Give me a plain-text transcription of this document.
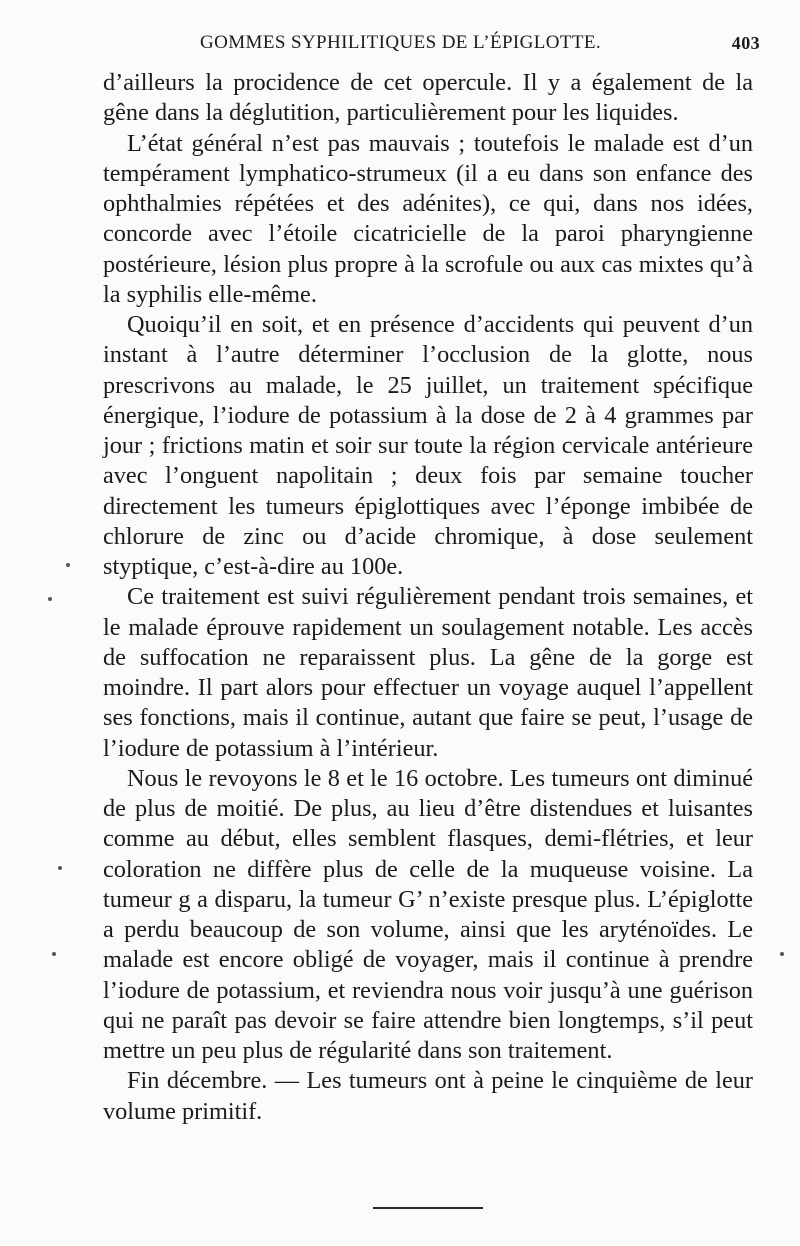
GOMMES SYPHILITIQUES DE L’ÉPIGLOTTE.	403

d’ailleurs la procidence de cet opercule. Il y a également de la gêne dans la déglutition, particulièrement pour les liquides.

L’état général n’est pas mauvais ; toutefois le malade est d’un tempérament lymphatico-strumeux (il a eu dans son enfance des ophthalmies répétées et des adénites), ce qui, dans nos idées, concorde avec l’étoile cicatricielle de la paroi pharyngienne postérieure, lésion plus propre à la scrofule ou aux cas mixtes qu’à la syphilis elle-même.

Quoiqu’il en soit, et en présence d’accidents qui peuvent d’un instant à l’autre déterminer l’occlusion de la glotte, nous prescrivons au malade, le 25 juillet, un traitement spécifique énergique, l’iodure de potassium à la dose de 2 à 4 grammes par jour ; frictions matin et soir sur toute la région cervicale antérieure avec l’onguent napolitain ; deux fois par semaine toucher directement les tumeurs épiglottiques avec l’éponge imbibée de chlorure de zinc ou d’acide chromique, à dose seulement styptique, c’est-à-dire au 100e.

Ce traitement est suivi régulièrement pendant trois semaines, et le malade éprouve rapidement un soulagement notable. Les accès de suffocation ne reparaissent plus. La gêne de la gorge est moindre. Il part alors pour effectuer un voyage auquel l’appellent ses fonctions, mais il continue, autant que faire se peut, l’usage de l’iodure de potassium à l’intérieur.

Nous le revoyons le 8 et le 16 octobre. Les tumeurs ont diminué de plus de moitié. De plus, au lieu d’être distendues et luisantes comme au début, elles semblent flasques, demi-flétries, et leur coloration ne diffère plus de celle de la muqueuse voisine. La tumeur g a disparu, la tumeur G’ n’existe presque plus. L’épiglotte a perdu beaucoup de son volume, ainsi que les aryténoïdes. Le malade est encore obligé de voyager, mais il continue à prendre l’iodure de potassium, et reviendra nous voir jusqu’à une guérison qui ne paraît pas devoir se faire attendre bien longtemps, s’il peut mettre un peu plus de régularité dans son traitement.

Fin décembre. — Les tumeurs ont à peine le cinquième de leur volume primitif.
